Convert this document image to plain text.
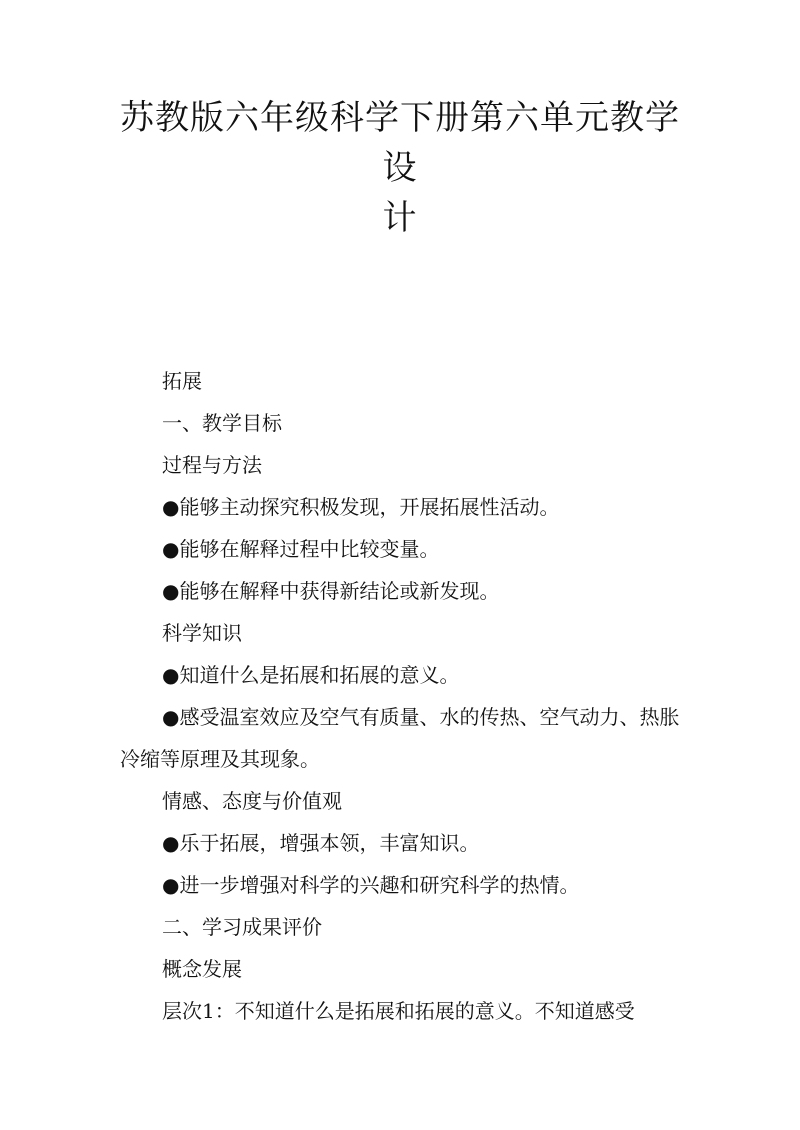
苏教版六年级科学下册第六单元教学设
计

拓展

一、教学目标

过程与方法

●能够主动探究积极发现，开展拓展性活动。

●能够在解释过程中比较变量。

●能够在解释中获得新结论或新发现。

科学知识

●知道什么是拓展和拓展的意义。

●感受温室效应及空气有质量、水的传热、空气动力、热胀冷缩等原理及其现象。

情感、态度与价值观

●乐于拓展，增强本领，丰富知识。

●进一步增强对科学的兴趣和研究科学的热情。

二、学习成果评价

概念发展

层次1：不知道什么是拓展和拓展的意义。不知道感受
